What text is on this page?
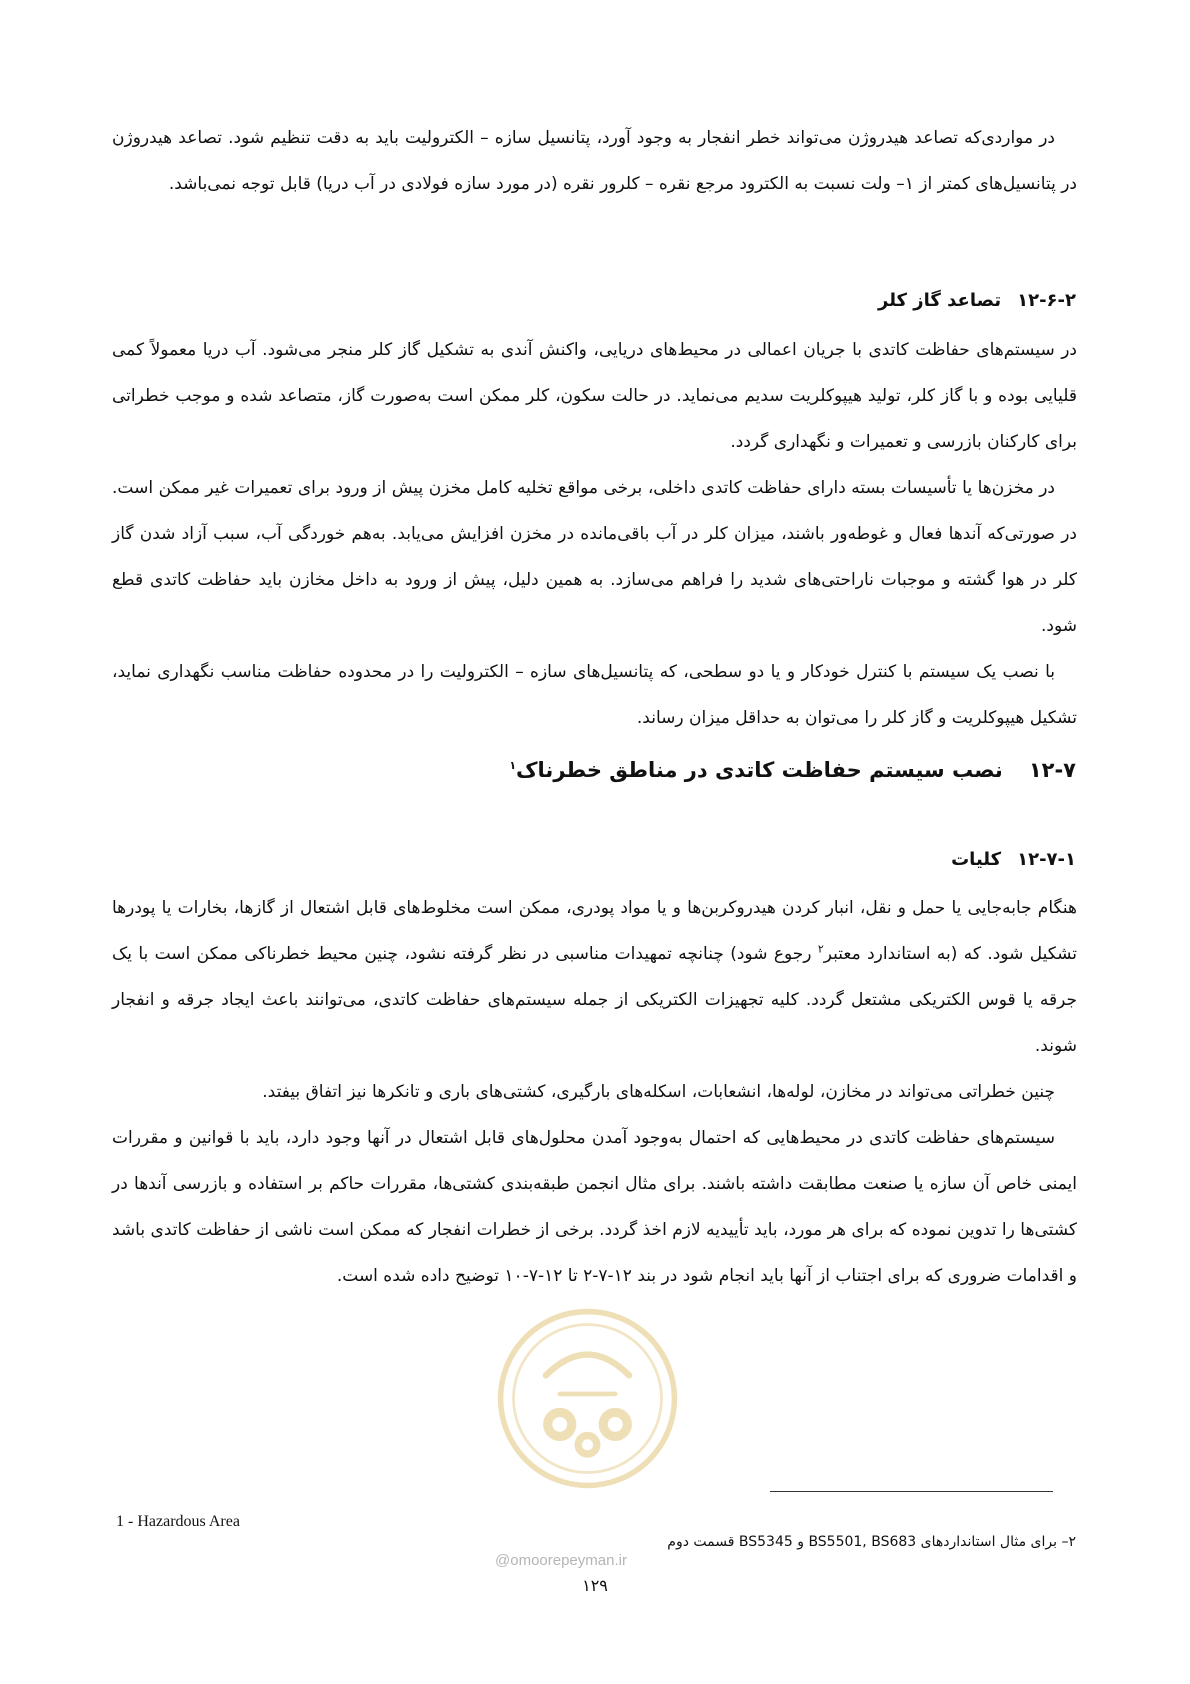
در مواردی‌که تصاعد هیدروژن می‌تواند خطر انفجار به وجود آورد، پتانسیل سازه – الکترولیت باید به دقت تنظیم شود. تصاعد هیدروژن در پتانسیل‌های کمتر از ۱– ولت نسبت به الکترود مرجع نقره – کلرور نقره (در مورد سازه فولادی در آب دریا) قابل توجه نمی‌باشد.

۱۲-۶-۲تصاعد گاز کلر

در سیستم‌های حفاظت کاتدی با جریان اعمالی در محیط‌های دریایی، واکنش آندی به تشکیل گاز کلر منجر می‌شود. آب دریا معمولاً کمی قلیایی بوده و با گاز کلر، تولید هیپوکلریت سدیم می‌نماید. در حالت سکون، کلر ممکن است به‌صورت گاز، متصاعد شده و موجب خطراتی برای کارکنان بازرسی و تعمیرات و نگهداری گردد.

در مخزن‌ها یا تأسیسات بسته دارای حفاظت کاتدی داخلی، برخی مواقع تخلیه کامل مخزن پیش از ورود برای تعمیرات غیر ممکن است. در صورتی‌که آندها فعال و غوطه‌ور باشند، میزان کلر در آب باقی‌مانده در مخزن افزایش می‌یابد. به‌هم خوردگی آب، سبب آزاد شدن گاز کلر در هوا گشته و موجبات ناراحتی‌های شدید را فراهم می‌سازد. به همین دلیل، پیش از ورود به داخل مخازن باید حفاظت کاتدی قطع شود.

با نصب یک سیستم با کنترل خودکار و یا دو سطحی، که پتانسیل‌های سازه – الکترولیت را در محدوده حفاظت مناسب نگهداری نماید، تشکیل هیپوکلریت و گاز کلر را می‌توان به حداقل میزان رساند.

۱۲-۷نصب سیستم حفاظت کاتدی در مناطق خطرناک$^۱$
۱۲-۷-۱کلیات

هنگام جابه‌جایی یا حمل و نقل، انبار کردن هیدروکربن‌ها و یا مواد پودری، ممکن است مخلوط‌های قابل اشتعال از گازها، بخارات یا پودرها تشکیل شود. که (به استاندارد معتبر$^۲$ رجوع شود) چنانچه تمهیدات مناسبی در نظر گرفته نشود، چنین محیط خطرناکی ممکن است با یک جرقه یا قوس الکتریکی مشتعل گردد. کلیه تجهیزات الکتریکی از جمله سیستم‌های حفاظت کاتدی، می‌توانند باعث ایجاد جرقه و انفجار شوند.

چنین خطراتی می‌تواند در مخازن، لوله‌ها، انشعابات، اسکله‌های بارگیری، کشتی‌های باری و تانکرها نیز اتفاق بیفتد.

سیستم‌های حفاظت کاتدی در محیط‌هایی که احتمال به‌وجود آمدن محلول‌های قابل اشتعال در آنها وجود دارد، باید با قوانین و مقررات ایمنی خاص آن سازه یا صنعت مطابقت داشته باشند. برای مثال انجمن طبقه‌بندی کشتی‌ها، مقررات حاکم بر استفاده و بازرسی آندها در کشتی‌ها را تدوین نموده که برای هر مورد، باید تأییدیه لازم اخذ گردد. برخی از خطرات انفجار که ممکن است ناشی از حفاظت کاتدی باشد و اقدامات ضروری که برای اجتناب از آنها باید انجام شود در بند ۱۲-۷-۲ تا ۱۲-۷-۱۰ توضیح داده شده است.

1 - Hazardous Area
۲– برای مثال استانداردهای BS5501, BS683 و BS5345 قسمت دوم
@omoorepeyman.ir
۱۲۹
